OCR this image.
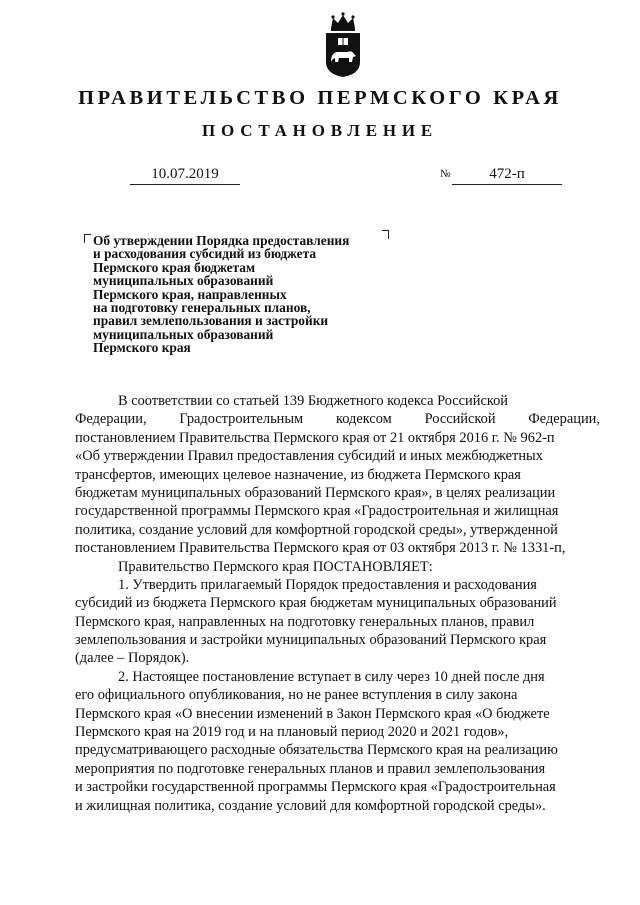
ПРАВИТЕЛЬСТВО ПЕРМСКОГО КРАЯ
ПОСТАНОВЛЕНИЕ
10.07.2019	№	472-п
Об утверждении Порядка предоставления
и расходования субсидий из бюджета
Пермского края бюджетам
муниципальных образований
Пермского края, направленных
на подготовку генеральных планов,
правил землепользования и застройки
муниципальных образований
Пермского края
В соответствии со статьей 139 Бюджетного кодекса Российской
Федерации, Градостроительным кодексом Российской Федерации,
постановлением Правительства Пермского края от 21 октября 2016 г. № 962-п
«Об утверждении Правил предоставления субсидий и иных межбюджетных
трансфертов, имеющих целевое назначение, из бюджета Пермского края
бюджетам муниципальных образований Пермского края», в целях реализации
государственной программы Пермского края «Градостроительная и жилищная
политика, создание условий для комфортной городской среды», утвержденной
постановлением Правительства Пермского края от 03 октября 2013 г. № 1331-п,
Правительство Пермского края ПОСТАНОВЛЯЕТ:
1. Утвердить прилагаемый Порядок предоставления и расходования
субсидий из бюджета Пермского края бюджетам муниципальных образований
Пермского края, направленных на подготовку генеральных планов, правил
землепользования и застройки муниципальных образований Пермского края
(далее – Порядок).
2. Настоящее постановление вступает в силу через 10 дней после дня
его официального опубликования, но не ранее вступления в силу закона
Пермского края «О внесении изменений в Закон Пермского края «О бюджете
Пермского края на 2019 год и на плановый период 2020 и 2021 годов»,
предусматривающего расходные обязательства Пермского края на реализацию
мероприятия по подготовке генеральных планов и правил землепользования
и застройки государственной программы Пермского края «Градостроительная
и жилищная политика, создание условий для комфортной городской среды».
